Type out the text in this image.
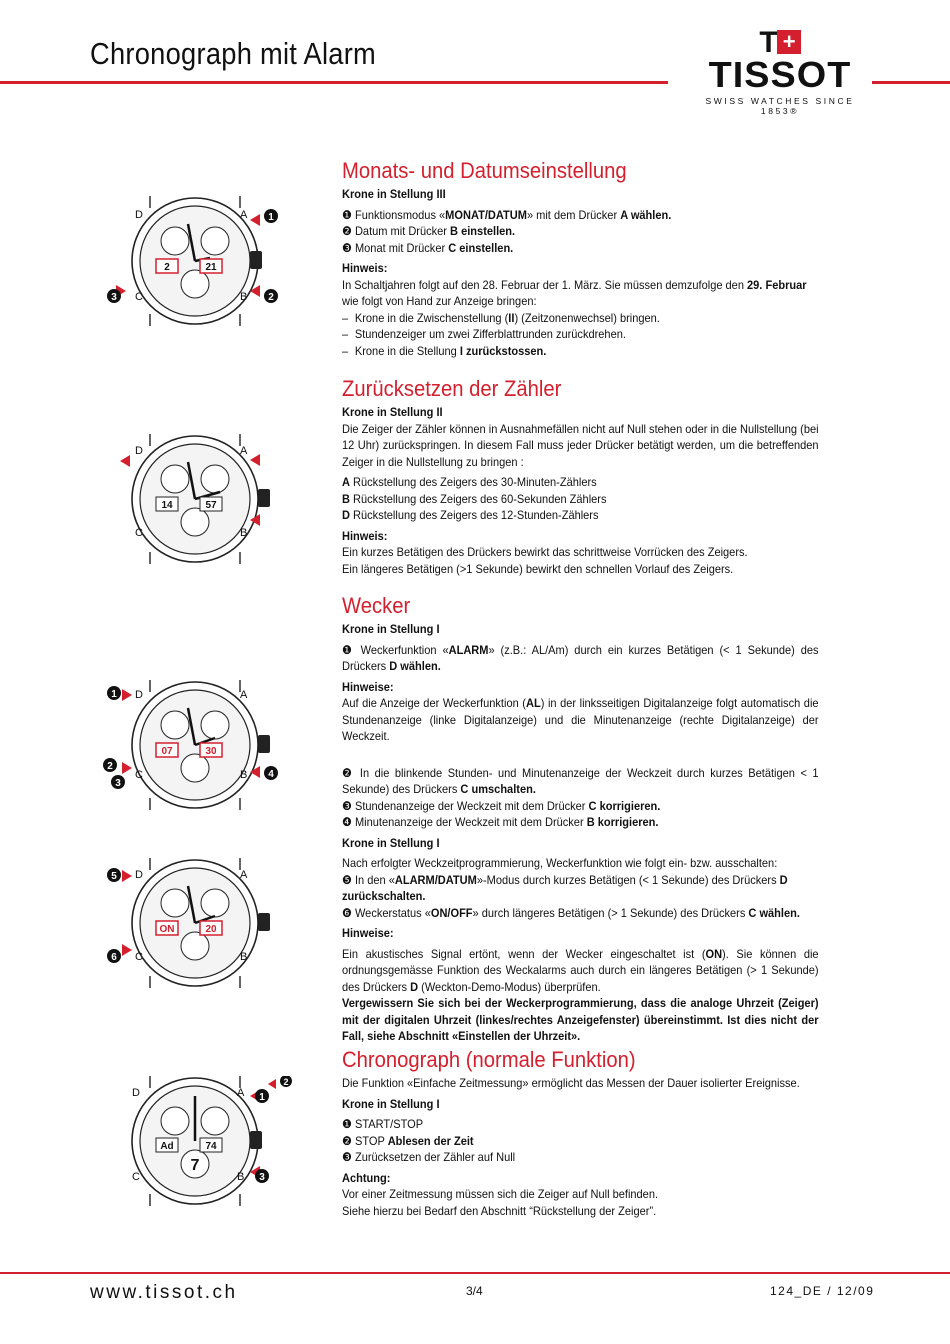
Chronograph mit Alarm	T +
TISSOT
SWISS WATCHES SINCE 1853®
Monats- und Datumseinstellung
Krone in Stellung III
❶ Funktionsmodus «MONAT/DATUM» mit dem Drücker A wählen.
❷ Datum mit Drücker B einstellen.
❸ Monat mit Drücker C einstellen.
Hinweis:
In Schaltjahren folgt auf den 28. Februar der 1. März. Sie müssen demzufolge den 29. Februar wie folgt von Hand zur Anzeige bringen:
– Krone in die Zwischenstellung (II) (Zeitzonenwechsel) bringen.
– Stundenzeiger um zwei Zifferblattrunden zurückdrehen.
– Krone in die Stellung I zurückstossen.
Zurücksetzen der Zähler
Krone in Stellung II
Die Zeiger der Zähler können in Ausnahmefällen nicht auf Null stehen oder in die Nullstellung (bei 12 Uhr) zurückspringen. In diesem Fall muss jeder Drücker betätigt werden, um die betreffenden Zeiger in die Nullstellung zu bringen :
A Rückstellung des Zeigers des 30-Minuten-Zählers
B Rückstellung des Zeigers des 60-Sekunden Zählers
D Rückstellung des Zeigers des 12-Stunden-Zählers
Hinweis:
Ein kurzes Betätigen des Drückers bewirkt das schrittweise Vorrücken des Zeigers.
Ein längeres Betätigen (>1 Sekunde) bewirkt den schnellen Vorlauf des Zeigers.
Wecker
Krone in Stellung I
❶ Weckerfunktion «ALARM» (z.B.: AL/Am) durch ein kurzes Betätigen (< 1 Sekunde) des Drückers D wählen.
Hinweise:
Auf die Anzeige der Weckerfunktion (AL) in der linksseitigen Digitalanzeige folgt automatisch die Stundenanzeige (linke Digitalanzeige) und die Minutenanzeige (rechte Digitalanzeige) der Weckzeit.
❷ In die blinkende Stunden- und Minutenanzeige der Weckzeit durch kurzes Betätigen < 1 Sekunde) des Drückers C umschalten.
❸ Stundenanzeige der Weckzeit mit dem Drücker C korrigieren.
❹ Minutenanzeige der Weckzeit mit dem Drücker B korrigieren.
Krone in Stellung I
Nach erfolgter Weckzeitprogrammierung, Weckerfunktion wie folgt ein- bzw. ausschalten:
❺ In den «ALARM/DATUM»-Modus durch kurzes Betätigen (< 1 Sekunde) des Drückers D zurückschalten.
❻ Weckerstatus «ON/OFF» durch längeres Betätigen (> 1 Sekunde) des Drückers C wählen.
Hinweise:
Ein akustisches Signal ertönt, wenn der Wecker eingeschaltet ist (ON). Sie können die ordnungsgemässe Funktion des Weckalarms auch durch ein längeres Betätigen (> 1 Sekunde) des Drückers D (Weckton-Demo-Modus) überprüfen.
Vergewissern Sie sich bei der Weckerprogrammierung, dass die analoge Uhrzeit (Zeiger) mit der digitalen Uhrzeit (linkes/rechtes Anzeigefenster) übereinstimmt. Ist dies nicht der Fall, siehe Abschnitt «Einstellen der Uhrzeit».
Chronograph (normale Funktion)
Die Funktion «Einfache Zeitmessung» ermöglicht das Messen der Dauer isolierter Ereignisse.
Krone in Stellung I
❶ START/STOP
❷ STOP Ablesen der Zeit
❸ Zurücksetzen der Zähler auf Null
Achtung:
Vor einer Zeitmessung müssen sich die Zeiger auf Null befinden.
Siehe hierzu bei Bedarf den Abschnitt “Rückstellung der Zeiger”.
2	21
D	A
C	B
1
2
3
14	57
D	A
C	B
07	30
D	A
C	B
1
2
3
4
ON	20
D	A
C	B
5
6
Ad	74
7
D	A
C	B
1
2
3
www.tissot.ch	3/4	124_DE / 12/09
